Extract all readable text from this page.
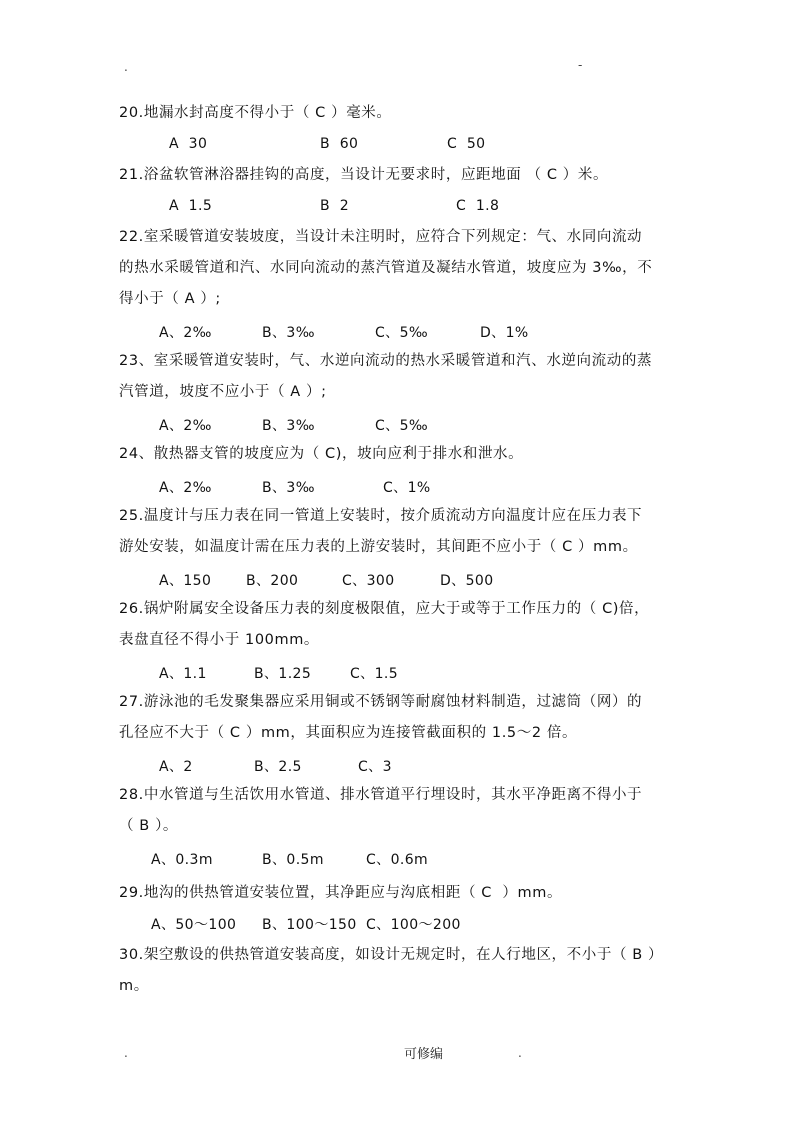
.	-
20.地漏水封高度不得小于（ C ）毫米。
A  30	B  60	C  50
21.浴盆软管淋浴器挂钩的高度，当设计无要求时，应距地面 （ C ）米。
A  1.5	B  2	C  1.8
22.室采暖管道安装坡度，当设计未注明时，应符合下列规定：气、水同向流动
的热水采暖管道和汽、水同向流动的蒸汽管道及凝结水管道，坡度应为 3‰，不
得小于（ A ）;
A、2‰	B、3‰	C、5‰	D、1%
23、室采暖管道安装时，气、水逆向流动的热水采暖管道和汽、水逆向流动的蒸
汽管道，坡度不应小于（ A ）;
A、2‰	B、3‰	C、5‰
24、散热器支管的坡度应为（ C)，坡向应利于排水和泄水。
A、2‰	B、3‰	C、1%
25.温度计与压力表在同一管道上安装时，按介质流动方向温度计应在压力表下
游处安装，如温度计需在压力表的上游安装时，其间距不应小于（ C ）mm。
A、150 B、200	C、300	D、500
26.锅炉附属安全设备压力表的刻度极限值，应大于或等于工作压力的（ C)倍，
表盘直径不得小于 100mm。
A、1.1	B、1.25	C、1.5
27.游泳池的毛发聚集器应采用铜或不锈钢等耐腐蚀材料制造，过滤筒（网）的
孔径应不大于（ C ）mm，其面积应为连接管截面积的 1.5～2 倍。
A、2	B、2.5	C、3
28.中水管道与生活饮用水管道、排水管道平行埋设时，其水平净距离不得小于
（ B ）。
A、0.3m	B、0.5m	C、0.6m
29.地沟的供热管道安装位置，其净距应与沟底相距（ C  ）mm。
A、50～100 B、100～150 C、100～200
30.架空敷设的供热管道安装高度，如设计无规定时，在人行地区，不小于（ B ）
m。
.	可修编	.
